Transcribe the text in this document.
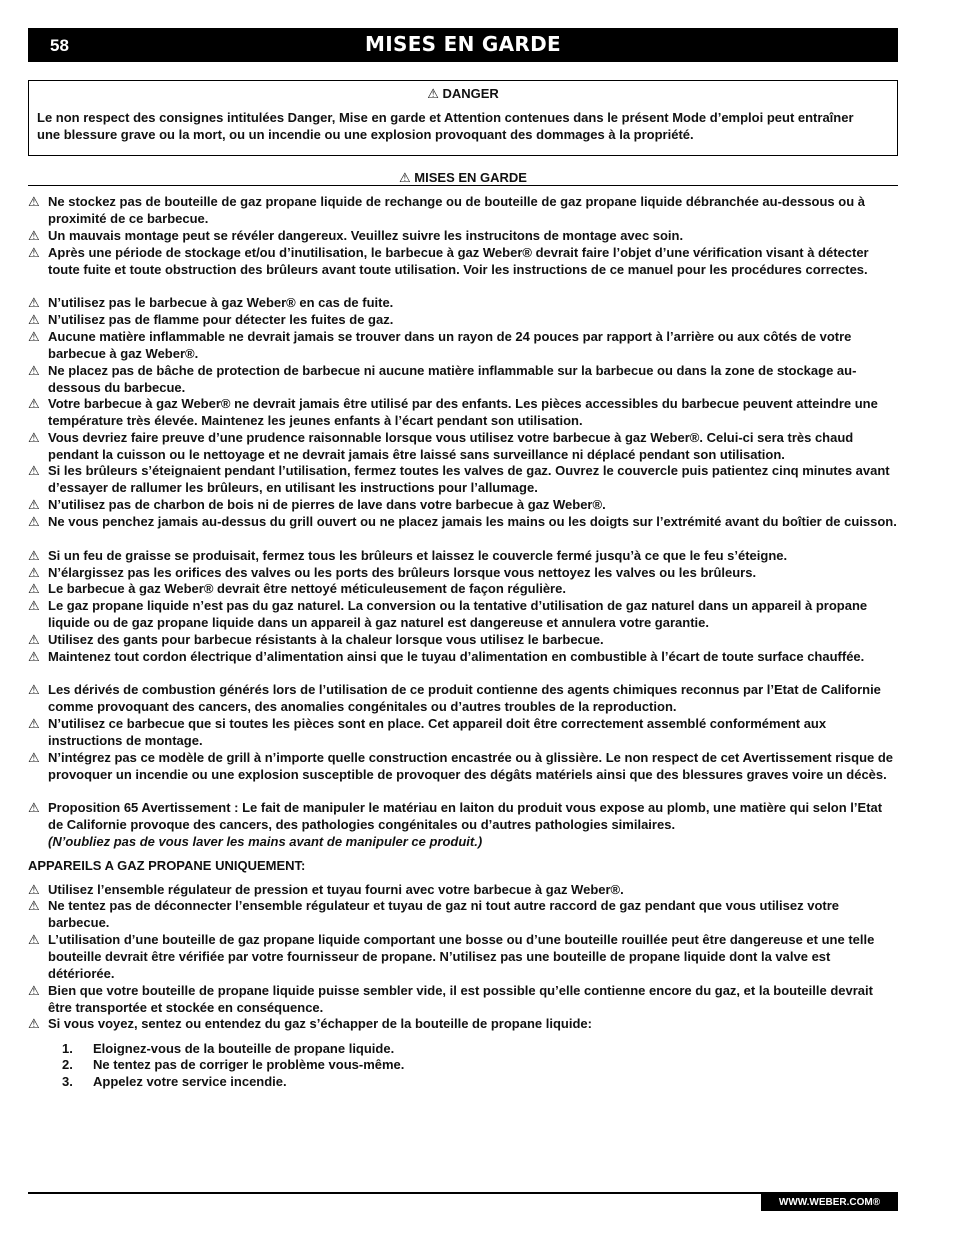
58	MISES EN GARDE
⚠ DANGER
Le non respect des consignes intitulées Danger, Mise en garde et Attention contenues dans le présent Mode d’emploi peut entraîner une blessure grave ou la mort, ou un incendie ou une explosion provoquant des dommages à la propriété.
⚠ MISES EN GARDE
⚠ Ne stockez pas de bouteille de gaz propane liquide de rechange ou de bouteille de gaz propane liquide débranchée au-dessous ou à proximité de ce barbecue.
⚠ Un mauvais montage peut se révéler dangereux. Veuillez suivre les instrucitons de montage avec soin.
⚠ Après une période de stockage et/ou d’inutilisation, le barbecue à gaz Weber® devrait faire l’objet d’une vérification visant à détecter toute fuite et toute obstruction des brûleurs avant toute utilisation. Voir les instructions de ce manuel pour les procédures correctes.
⚠ N’utilisez pas le barbecue à gaz Weber® en cas de fuite.
⚠ N’utilisez pas de flamme pour détecter les fuites de gaz.
⚠ Aucune matière inflammable ne devrait jamais se trouver dans un rayon de 24 pouces par rapport à l’arrière ou aux côtés de votre barbecue à gaz Weber®.
⚠ Ne placez pas de bâche de protection de barbecue ni aucune matière inflammable sur la barbecue ou dans la zone de stockage au-dessous du barbecue.
⚠ Votre barbecue à gaz Weber® ne devrait jamais être utilisé par des enfants. Les pièces accessibles du barbecue peuvent atteindre une température très élevée. Maintenez les jeunes enfants à l’écart pendant son utilisation.
⚠ Vous devriez faire preuve d’une prudence raisonnable lorsque vous utilisez votre barbecue à gaz Weber®. Celui-ci sera très chaud pendant la cuisson ou le nettoyage et ne devrait jamais être laissé sans surveillance ni déplacé pendant son utilisation.
⚠ Si les brûleurs s’éteignaient pendant l’utilisation, fermez toutes les valves de gaz. Ouvrez le couvercle puis patientez cinq minutes avant d’essayer de rallumer les brûleurs, en utilisant les instructions pour l’allumage.
⚠ N’utilisez pas de charbon de bois ni de pierres de lave dans votre barbecue à gaz Weber®.
⚠ Ne vous penchez jamais au-dessus du grill ouvert ou ne placez jamais les mains ou les doigts sur l’extrémité avant du boîtier de cuisson.
⚠ Si un feu de graisse se produisait, fermez tous les brûleurs et laissez le couvercle fermé jusqu’à ce que le feu s’éteigne.
⚠ N’élargissez pas les orifices des valves ou les ports des brûleurs lorsque vous nettoyez les valves ou les brûleurs.
⚠ Le barbecue à gaz Weber® devrait être nettoyé méticuleusement de façon régulière.
⚠ Le gaz propane liquide n’est pas du gaz naturel. La conversion ou la tentative d’utilisation de gaz naturel dans un appareil à propane liquide ou de gaz propane liquide dans un appareil à gaz naturel est dangereuse et annulera votre garantie.
⚠ Utilisez des gants pour barbecue résistants à la chaleur lorsque vous utilisez le barbecue.
⚠ Maintenez tout cordon électrique d’alimentation ainsi que le tuyau d’alimentation en combustible à l’écart de toute surface chauffée.
⚠ Les dérivés de combustion générés lors de l’utilisation de ce produit contienne des agents chimiques reconnus par l’Etat de Californie comme provoquant des cancers, des anomalies congénitales ou d’autres troubles de la reproduction.
⚠ N’utilisez ce barbecue que si toutes les pièces sont en place. Cet appareil doit être correctement assemblé conformément aux instructions de montage.
⚠ N’intégrez pas ce modèle de grill à n’importe quelle construction encastrée ou à glissière. Le non respect de cet Avertissement risque de provoquer un incendie ou une explosion susceptible de provoquer des dégâts matériels ainsi que des blessures graves voire un décès.
⚠ Proposition 65 Avertissement : Le fait de manipuler le matériau en laiton du produit vous expose au plomb, une matière qui selon l’Etat de Californie provoque des cancers, des pathologies congénitales ou d’autres pathologies similaires.
(N’oubliez pas de vous laver les mains avant de manipuler ce produit.)
APPAREILS A GAZ PROPANE UNIQUEMENT:
⚠ Utilisez l’ensemble régulateur de pression et tuyau fourni avec votre barbecue à gaz Weber®.
⚠ Ne tentez pas de déconnecter l’ensemble régulateur et tuyau de gaz ni tout autre raccord de gaz pendant que vous utilisez votre barbecue.
⚠ L’utilisation d’une bouteille de gaz propane liquide comportant une bosse ou d’une bouteille rouillée peut être dangereuse et une telle bouteille devrait être vérifiée par votre fournisseur de propane. N’utilisez pas une bouteille de propane liquide dont la valve est détériorée.
⚠ Bien que votre bouteille de propane liquide puisse sembler vide, il est possible qu’elle contienne encore du gaz, et la bouteille devrait être transportée et stockée en conséquence.
⚠ Si vous voyez, sentez ou entendez du gaz s’échapper de la bouteille de propane liquide:
1. Eloignez-vous de la bouteille de propane liquide.
2. Ne tentez pas de corriger le problème vous-même.
3. Appelez votre service incendie.
WWW.WEBER.COM®
